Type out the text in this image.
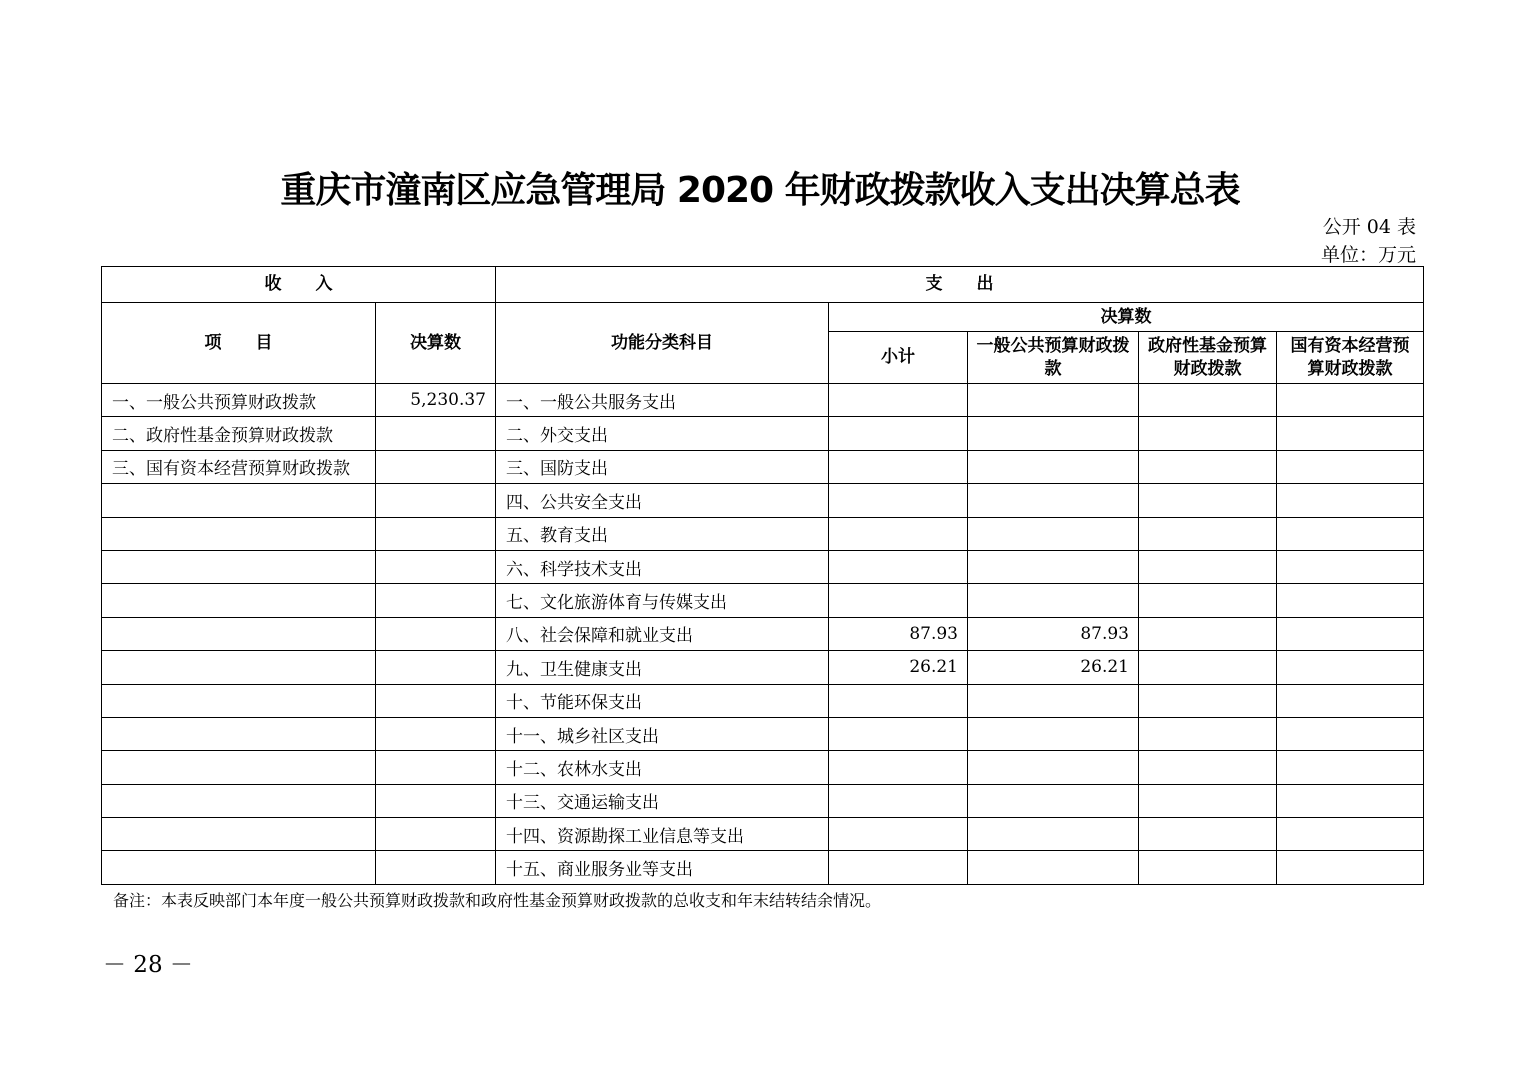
重庆市潼南区应急管理局 2020 年财政拨款收入支出决算总表
公开 04 表
单位：万元
收　　入		支　　出				
项　　目	决算数	功能分类科目	决算数			
			小计	一般公共预算财政拨款	政府性基金预算财政拨款	国有资本经营预算财政拨款
一、一般公共预算财政拨款	5,230.37	一、一般公共服务支出				
二、政府性基金预算财政拨款		二、外交支出				
三、国有资本经营预算财政拨款		三、国防支出				
		四、公共安全支出				
		五、教育支出				
		六、科学技术支出				
		七、文化旅游体育与传媒支出				
		八、社会保障和就业支出	87.93	87.93		
		九、卫生健康支出	26.21	26.21		
		十、节能环保支出				
		十一、城乡社区支出				
		十二、农林水支出				
		十三、交通运输支出				
		十四、资源勘探工业信息等支出				
		十五、商业服务业等支出				
备注：本表反映部门本年度一般公共预算财政拨款和政府性基金预算财政拨款的总收支和年末结转结余情况。
－ 28 －
